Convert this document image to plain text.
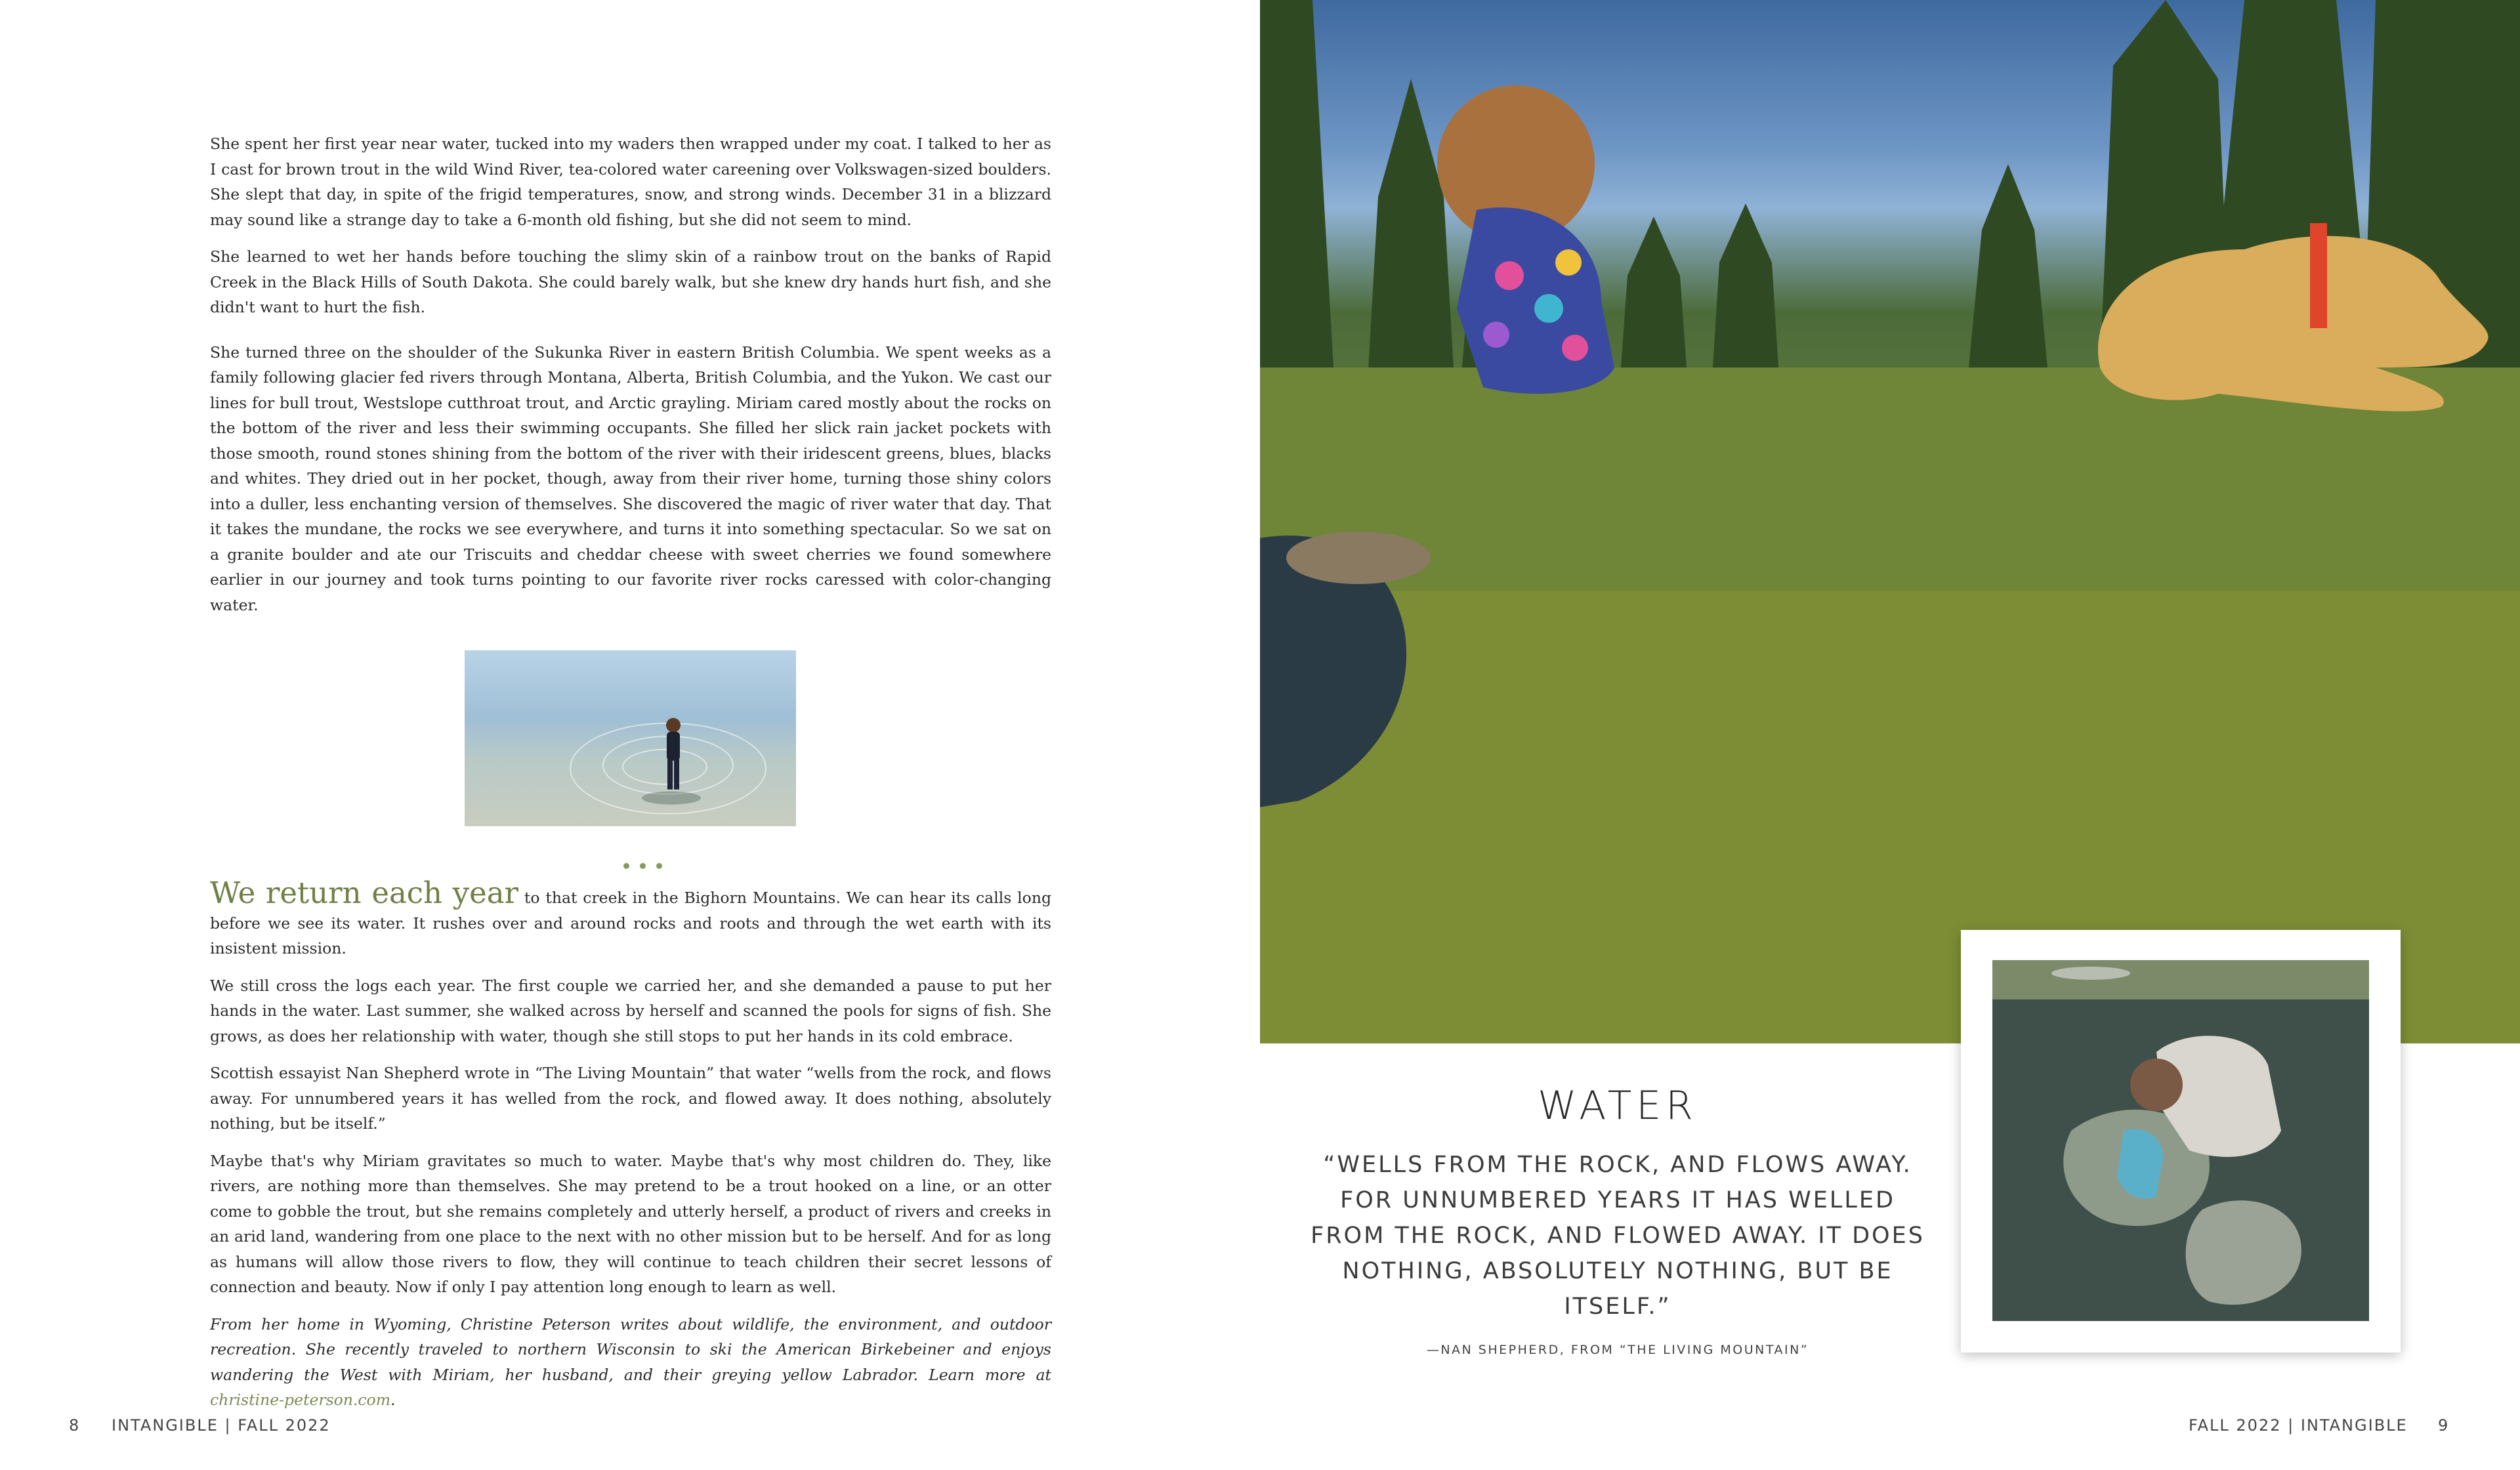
She spent her first year near water, tucked into my waders then wrapped under my coat. I talked to her as I cast for brown trout in the wild Wind River, tea-colored water careening over Volkswagen-sized boulders. She slept that day, in spite of the frigid temperatures, snow, and strong winds. December 31 in a blizzard may sound like a strange day to take a 6-month old fishing, but she did not seem to mind.

She learned to wet her hands before touching the slimy skin of a rainbow trout on the banks of Rapid Creek in the Black Hills of South Dakota. She could barely walk, but she knew dry hands hurt fish, and she didn't want to hurt the fish.

She turned three on the shoulder of the Sukunka River in eastern British Columbia. We spent weeks as a family following glacier fed rivers through Montana, Alberta, British Columbia, and the Yukon. We cast our lines for bull trout, Westslope cutthroat trout, and Arctic grayling. Miriam cared mostly about the rocks on the bottom of the river and less their swimming occupants. She filled her slick rain jacket pockets with those smooth, round stones shining from the bottom of the river with their iridescent greens, blues, blacks and whites. They dried out in her pocket, though, away from their river home, turning those shiny colors into a duller, less enchanting version of themselves. She discovered the magic of river water that day. That it takes the mundane, the rocks we see everywhere, and turns it into something spectacular. So we sat on a granite boulder and ate our Triscuits and cheddar cheese with sweet cherries we found somewhere earlier in our journey and took turns pointing to our favorite river rocks caressed with color-changing water.

We return each year to that creek in the Bighorn Mountains. We can hear its calls long before we see its water. It rushes over and around rocks and roots and through the wet earth with its insistent mission.

We still cross the logs each year. The first couple we carried her, and she demanded a pause to put her hands in the water. Last summer, she walked across by herself and scanned the pools for signs of fish. She grows, as does her relationship with water, though she still stops to put her hands in its cold embrace.

Scottish essayist Nan Shepherd wrote in “The Living Mountain” that water “wells from the rock, and flows away. For unnumbered years it has welled from the rock, and flowed away. It does nothing, absolutely nothing, but be itself.”

Maybe that's why Miriam gravitates so much to water. Maybe that's why most children do. They, like rivers, are nothing more than themselves. She may pretend to be a trout hooked on a line, or an otter come to gobble the trout, but she remains completely and utterly herself, a product of rivers and creeks in an arid land, wandering from one place to the next with no other mission but to be herself. And for as long as humans will allow those rivers to flow, they will continue to teach children their secret lessons of connection and beauty. Now if only I pay attention long enough to learn as well.

From her home in Wyoming, Christine Peterson writes about wildlife, the environment, and outdoor recreation. She recently traveled to northern Wisconsin to ski the American Birkebeiner and enjoys wandering the West with Miriam, her husband, and their greying yellow Labrador. Learn more at christine-peterson.com.

8 INTANGIBLE | FALL 2022
WATER
“WELLS FROM THE ROCK, AND FLOWS AWAY. FOR UNNUMBERED YEARS IT HAS WELLED FROM THE ROCK, AND FLOWED AWAY. IT DOES NOTHING, ABSOLUTELY NOTHING, BUT BE ITSELF.”
—NAN SHEPHERD, FROM “THE LIVING MOUNTAIN”
FALL 2022 | INTANGIBLE 9
